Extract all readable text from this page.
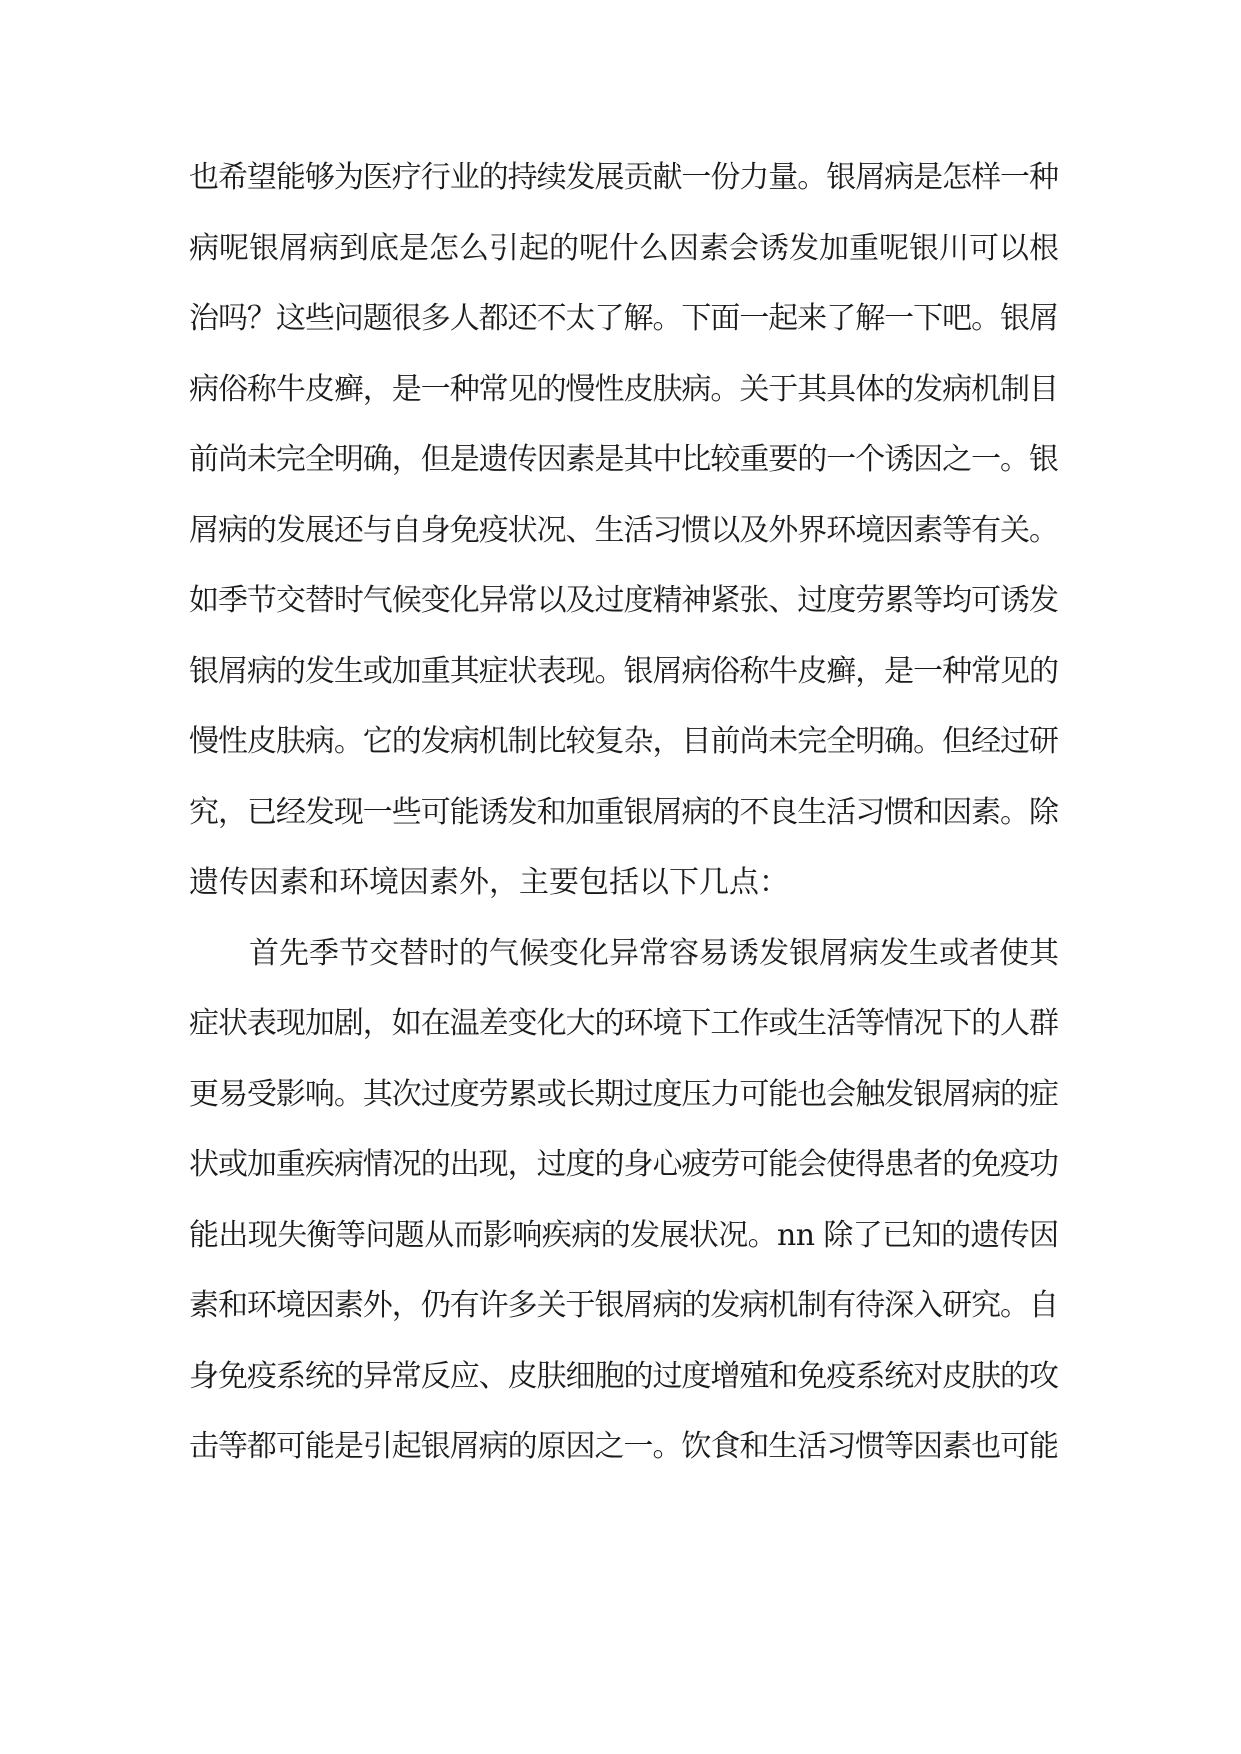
也希望能够为医疗行业的持续发展贡献一份力量。银屑病是怎样一种
病呢银屑病到底是怎么引起的呢什么因素会诱发加重呢银川可以根
治吗？这些问题很多人都还不太了解。下面一起来了解一下吧。银屑
病俗称牛皮癣，是一种常见的慢性皮肤病。关于其具体的发病机制目
前尚未完全明确，但是遗传因素是其中比较重要的一个诱因之一。银
屑病的发展还与自身免疫状况、生活习惯以及外界环境因素等有关。
如季节交替时气候变化异常以及过度精神紧张、过度劳累等均可诱发
银屑病的发生或加重其症状表现。银屑病俗称牛皮癣，是一种常见的
慢性皮肤病。它的发病机制比较复杂，目前尚未完全明确。但经过研
究，已经发现一些可能诱发和加重银屑病的不良生活习惯和因素。除
遗传因素和环境因素外，主要包括以下几点：
首先季节交替时的气候变化异常容易诱发银屑病发生或者使其
症状表现加剧，如在温差变化大的环境下工作或生活等情况下的人群
更易受影响。其次过度劳累或长期过度压力可能也会触发银屑病的症
状或加重疾病情况的出现，过度的身心疲劳可能会使得患者的免疫功
能出现失衡等问题从而影响疾病的发展状况。nn 除了已知的遗传因
素和环境因素外，仍有许多关于银屑病的发病机制有待深入研究。自
身免疫系统的异常反应、皮肤细胞的过度增殖和免疫系统对皮肤的攻
击等都可能是引起银屑病的原因之一。饮食和生活习惯等因素也可能
